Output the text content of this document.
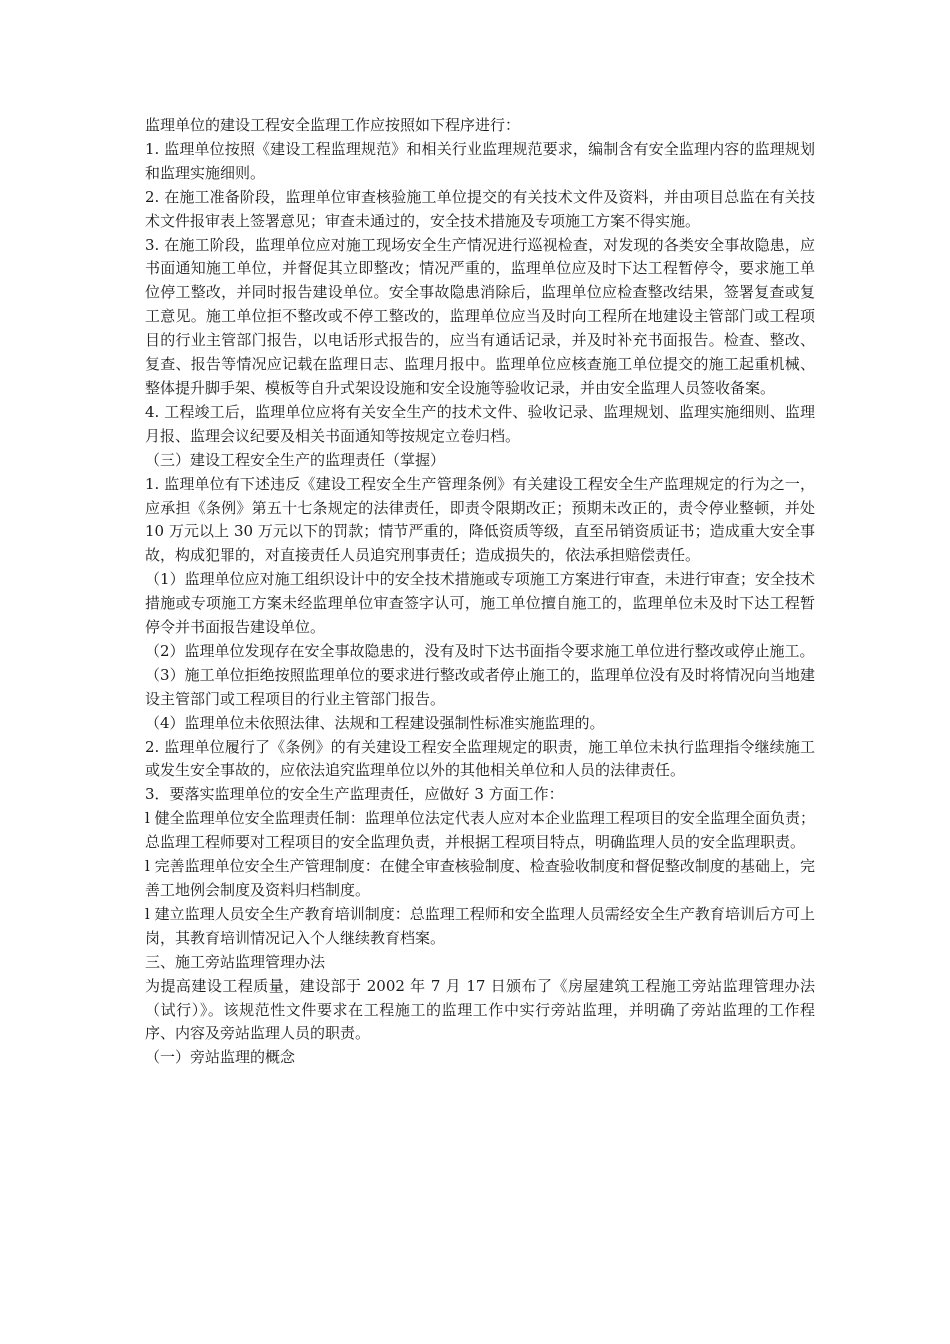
监理单位的建设工程安全监理工作应按照如下程序进行：

1. 监理单位按照《建设工程监理规范》和相关行业监理规范要求，编制含有安全监理内容的监理规划和监理实施细则。

2. 在施工准备阶段，监理单位审查核验施工单位提交的有关技术文件及资料，并由项目总监在有关技术文件报审表上签署意见；审查未通过的，安全技术措施及专项施工方案不得实施。

3. 在施工阶段，监理单位应对施工现场安全生产情况进行巡视检查，对发现的各类安全事故隐患，应书面通知施工单位，并督促其立即整改；情况严重的，监理单位应及时下达工程暂停令，要求施工单位停工整改，并同时报告建设单位。安全事故隐患消除后，监理单位应检查整改结果，签署复查或复工意见。施工单位拒不整改或不停工整改的，监理单位应当及时向工程所在地建设主管部门或工程项目的行业主管部门报告，以电话形式报告的，应当有通话记录，并及时补充书面报告。检查、整改、复查、报告等情况应记载在监理日志、监理月报中。监理单位应核查施工单位提交的施工起重机械、整体提升脚手架、模板等自升式架设设施和安全设施等验收记录，并由安全监理人员签收备案。

4. 工程竣工后，监理单位应将有关安全生产的技术文件、验收记录、监理规划、监理实施细则、监理月报、监理会议纪要及相关书面通知等按规定立卷归档。

（三）建设工程安全生产的监理责任（掌握）

1. 监理单位有下述违反《建设工程安全生产管理条例》有关建设工程安全生产监理规定的行为之一，应承担《条例》第五十七条规定的法律责任，即责令限期改正；预期未改正的，责令停业整顿，并处 10 万元以上 30 万元以下的罚款；情节严重的，降低资质等级，直至吊销资质证书；造成重大安全事故，构成犯罪的，对直接责任人员追究刑事责任；造成损失的，依法承担赔偿责任。

（1）监理单位应对施工组织设计中的安全技术措施或专项施工方案进行审查，未进行审查；安全技术措施或专项施工方案未经监理单位审查签字认可，施工单位擅自施工的，监理单位未及时下达工程暂停令并书面报告建设单位。

（2）监理单位发现存在安全事故隐患的，没有及时下达书面指令要求施工单位进行整改或停止施工。

（3）施工单位拒绝按照监理单位的要求进行整改或者停止施工的，监理单位没有及时将情况向当地建设主管部门或工程项目的行业主管部门报告。

（4）监理单位未依照法律、法规和工程建设强制性标准实施监理的。

2. 监理单位履行了《条例》的有关建设工程安全监理规定的职责，施工单位未执行监理指令继续施工或发生安全事故的，应依法追究监理单位以外的其他相关单位和人员的法律责任。

3．要落实监理单位的安全生产监理责任，应做好 3 方面工作：

l 健全监理单位安全监理责任制：监理单位法定代表人应对本企业监理工程项目的安全监理全面负责；总监理工程师要对工程项目的安全监理负责，并根据工程项目特点，明确监理人员的安全监理职责。

l 完善监理单位安全生产管理制度：在健全审查核验制度、检查验收制度和督促整改制度的基础上，完善工地例会制度及资料归档制度。

l 建立监理人员安全生产教育培训制度：总监理工程师和安全监理人员需经安全生产教育培训后方可上岗，其教育培训情况记入个人继续教育档案。

三、施工旁站监理管理办法

为提高建设工程质量，建设部于 2002 年 7 月 17 日颁布了《房屋建筑工程施工旁站监理管理办法（试行）》。该规范性文件要求在工程施工的监理工作中实行旁站监理，并明确了旁站监理的工作程序、内容及旁站监理人员的职责。

（一）旁站监理的概念
